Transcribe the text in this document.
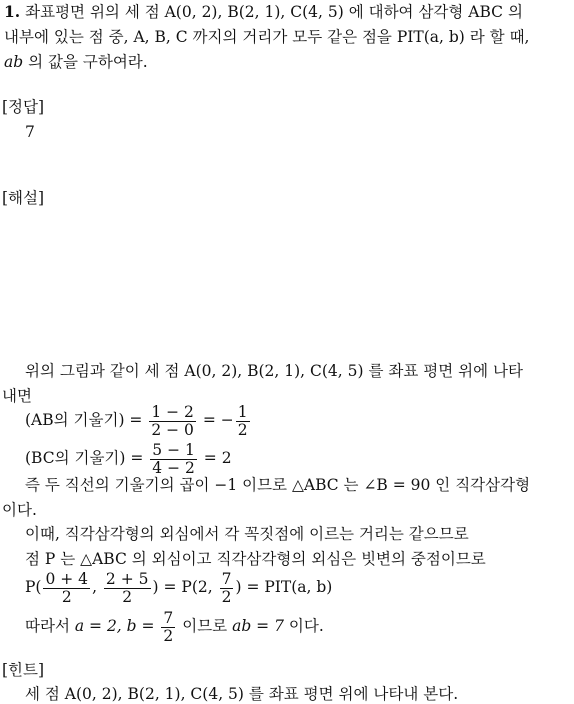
1. 좌표평면 위의 세 점 A(0, 2), B(2, 1), C(4, 5) 에 대하여 삼각형 ABC 의
내부에 있는 점 중, A, B, C 까지의 거리가 모두 같은 점을 PIT(a, b) 라 할 때,
ab 의 값을 구하여라.
[정답]
7
[해설]
위의 그림과 같이 세 점 A(0, 2), B(2, 1), C(4, 5) 를 좌표 평면 위에 나타
내면
(AB의 기울기) = $\frac{1 - 2}{2 - 0}$ = − $\frac{1}{2}$
(BC의 기울기) = $\frac{5 - 1}{4 - 2} = 2$
즉 두 직선의 기울기의 곱이 −1 이므로 △ABC 는 ∠B = 90 인 직각삼각형
이다.
이때, 직각삼각형의 외심에서 각 꼭짓점에 이르는 거리는 같으므로
점 P 는 △ABC 의 외심이고 직각삼각형의 외심은 빗변의 중점이므로
$P( \frac{0 + 4}{2}$ , $\frac{2 + 5}{2}$ ) = P(2, $\frac{7}{2}$ ) = PIT(a, b)
따라서 a = 2, $b = \frac{7}{2}$ 이므로 ab = 7 이다.
[힌트]
세 점 A(0, 2), B(2, 1), C(4, 5) 를 좌표 평면 위에 나타내 본다.
